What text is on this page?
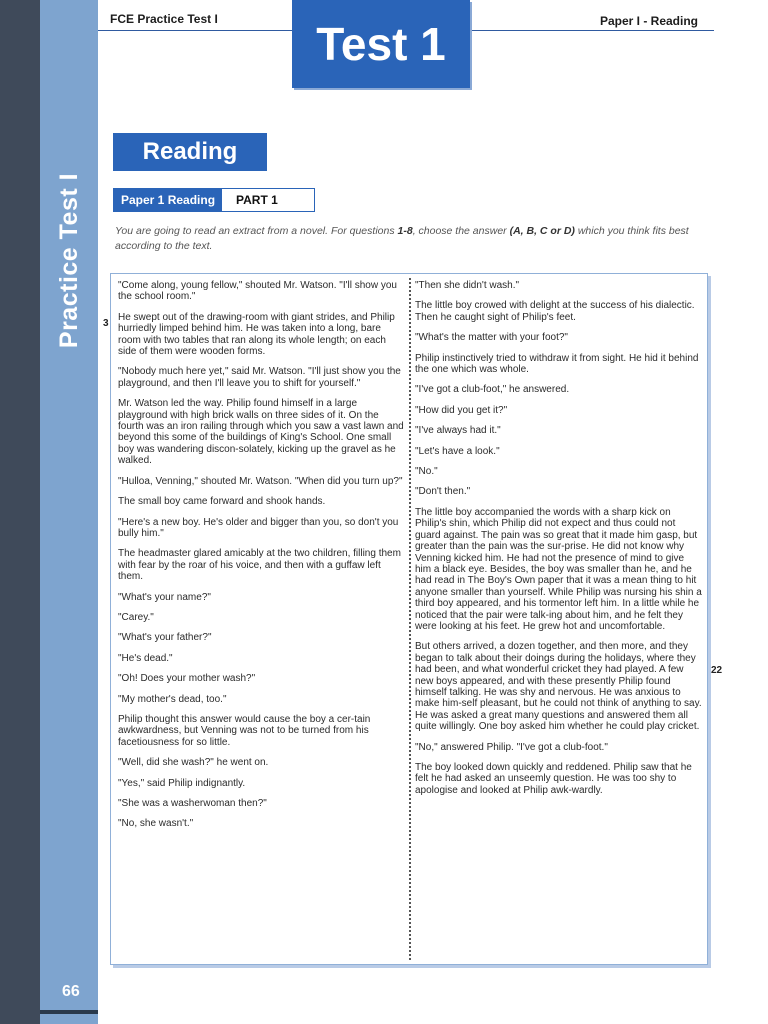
Practice Test I
FCE Practice Test I	Paper I - Reading
Test 1
Reading
Paper 1 Reading	PART 1
You are going to read an extract from a novel. For questions 1-8, choose the answer (A, B, C or D) which you think fits best according to the text.

"Come along, young fellow," shouted Mr. Watson. "I'll show you the school room."

He swept out of the drawing-room with giant strides, and Philip hurriedly limped behind him. He was taken into a long, bare room with two tables that ran along its whole length; on each side of them were wooden forms.

"Nobody much here yet," said Mr. Watson. "I'll just show you the playground, and then I'll leave you to shift for yourself."

Mr. Watson led the way. Philip found himself in a large playground with high brick walls on three sides of it. On the fourth was an iron railing through which you saw a vast lawn and beyond this some of the buildings of King's School. One small boy was wandering discon-solately, kicking up the gravel as he walked.

"Hulloa, Venning," shouted Mr. Watson. "When did you turn up?"

The small boy came forward and shook hands.

"Here's a new boy. He's older and bigger than you, so don't you bully him."

The headmaster glared amicably at the two children, filling them with fear by the roar of his voice, and then with a guffaw left them.

"What's your name?"

"Carey."

"What's your father?"

"He's dead."

"Oh! Does your mother wash?"

"My mother's dead, too."

Philip thought this answer would cause the boy a cer-tain awkwardness, but Venning was not to be turned from his facetiousness for so little.

"Well, did she wash?" he went on.

"Yes," said Philip indignantly.

"She was a washerwoman then?"

"No, she wasn't."

"Then she didn't wash."

The little boy crowed with delight at the success of his dialectic. Then he caught sight of Philip's feet.

"What's the matter with your foot?"

Philip instinctively tried to withdraw it from sight. He hid it behind the one which was whole.

"I've got a club-foot," he answered.

"How did you get it?"

"I've always had it."

"Let's have a look."

"No."

"Don't then."

The little boy accompanied the words with a sharp kick on Philip's shin, which Philip did not expect and thus could not guard against. The pain was so great that it made him gasp, but greater than the pain was the sur-prise. He did not know why Venning kicked him. He had not the presence of mind to give him a black eye. Besides, the boy was smaller than he, and he had read in The Boy's Own paper that it was a mean thing to hit anyone smaller than yourself. While Philip was nursing his shin a third boy appeared, and his tormentor left him. In a little while he noticed that the pair were talk-ing about him, and he felt they were looking at his feet. He grew hot and uncomfortable.

But others arrived, a dozen together, and then more, and they began to talk about their doings during the holidays, where they had been, and what wonderful cricket they had played. A few new boys appeared, and with these presently Philip found himself talking. He was shy and nervous. He was anxious to make him-self pleasant, but he could not think of anything to say. He was asked a great many questions and answered them all quite willingly. One boy asked him whether he could play cricket.

"No," answered Philip. "I've got a club-foot."

The boy looked down quickly and reddened. Philip saw that he felt he had asked an unseemly question. He was too shy to apologise and looked at Philip awk-wardly.

3
22
66
